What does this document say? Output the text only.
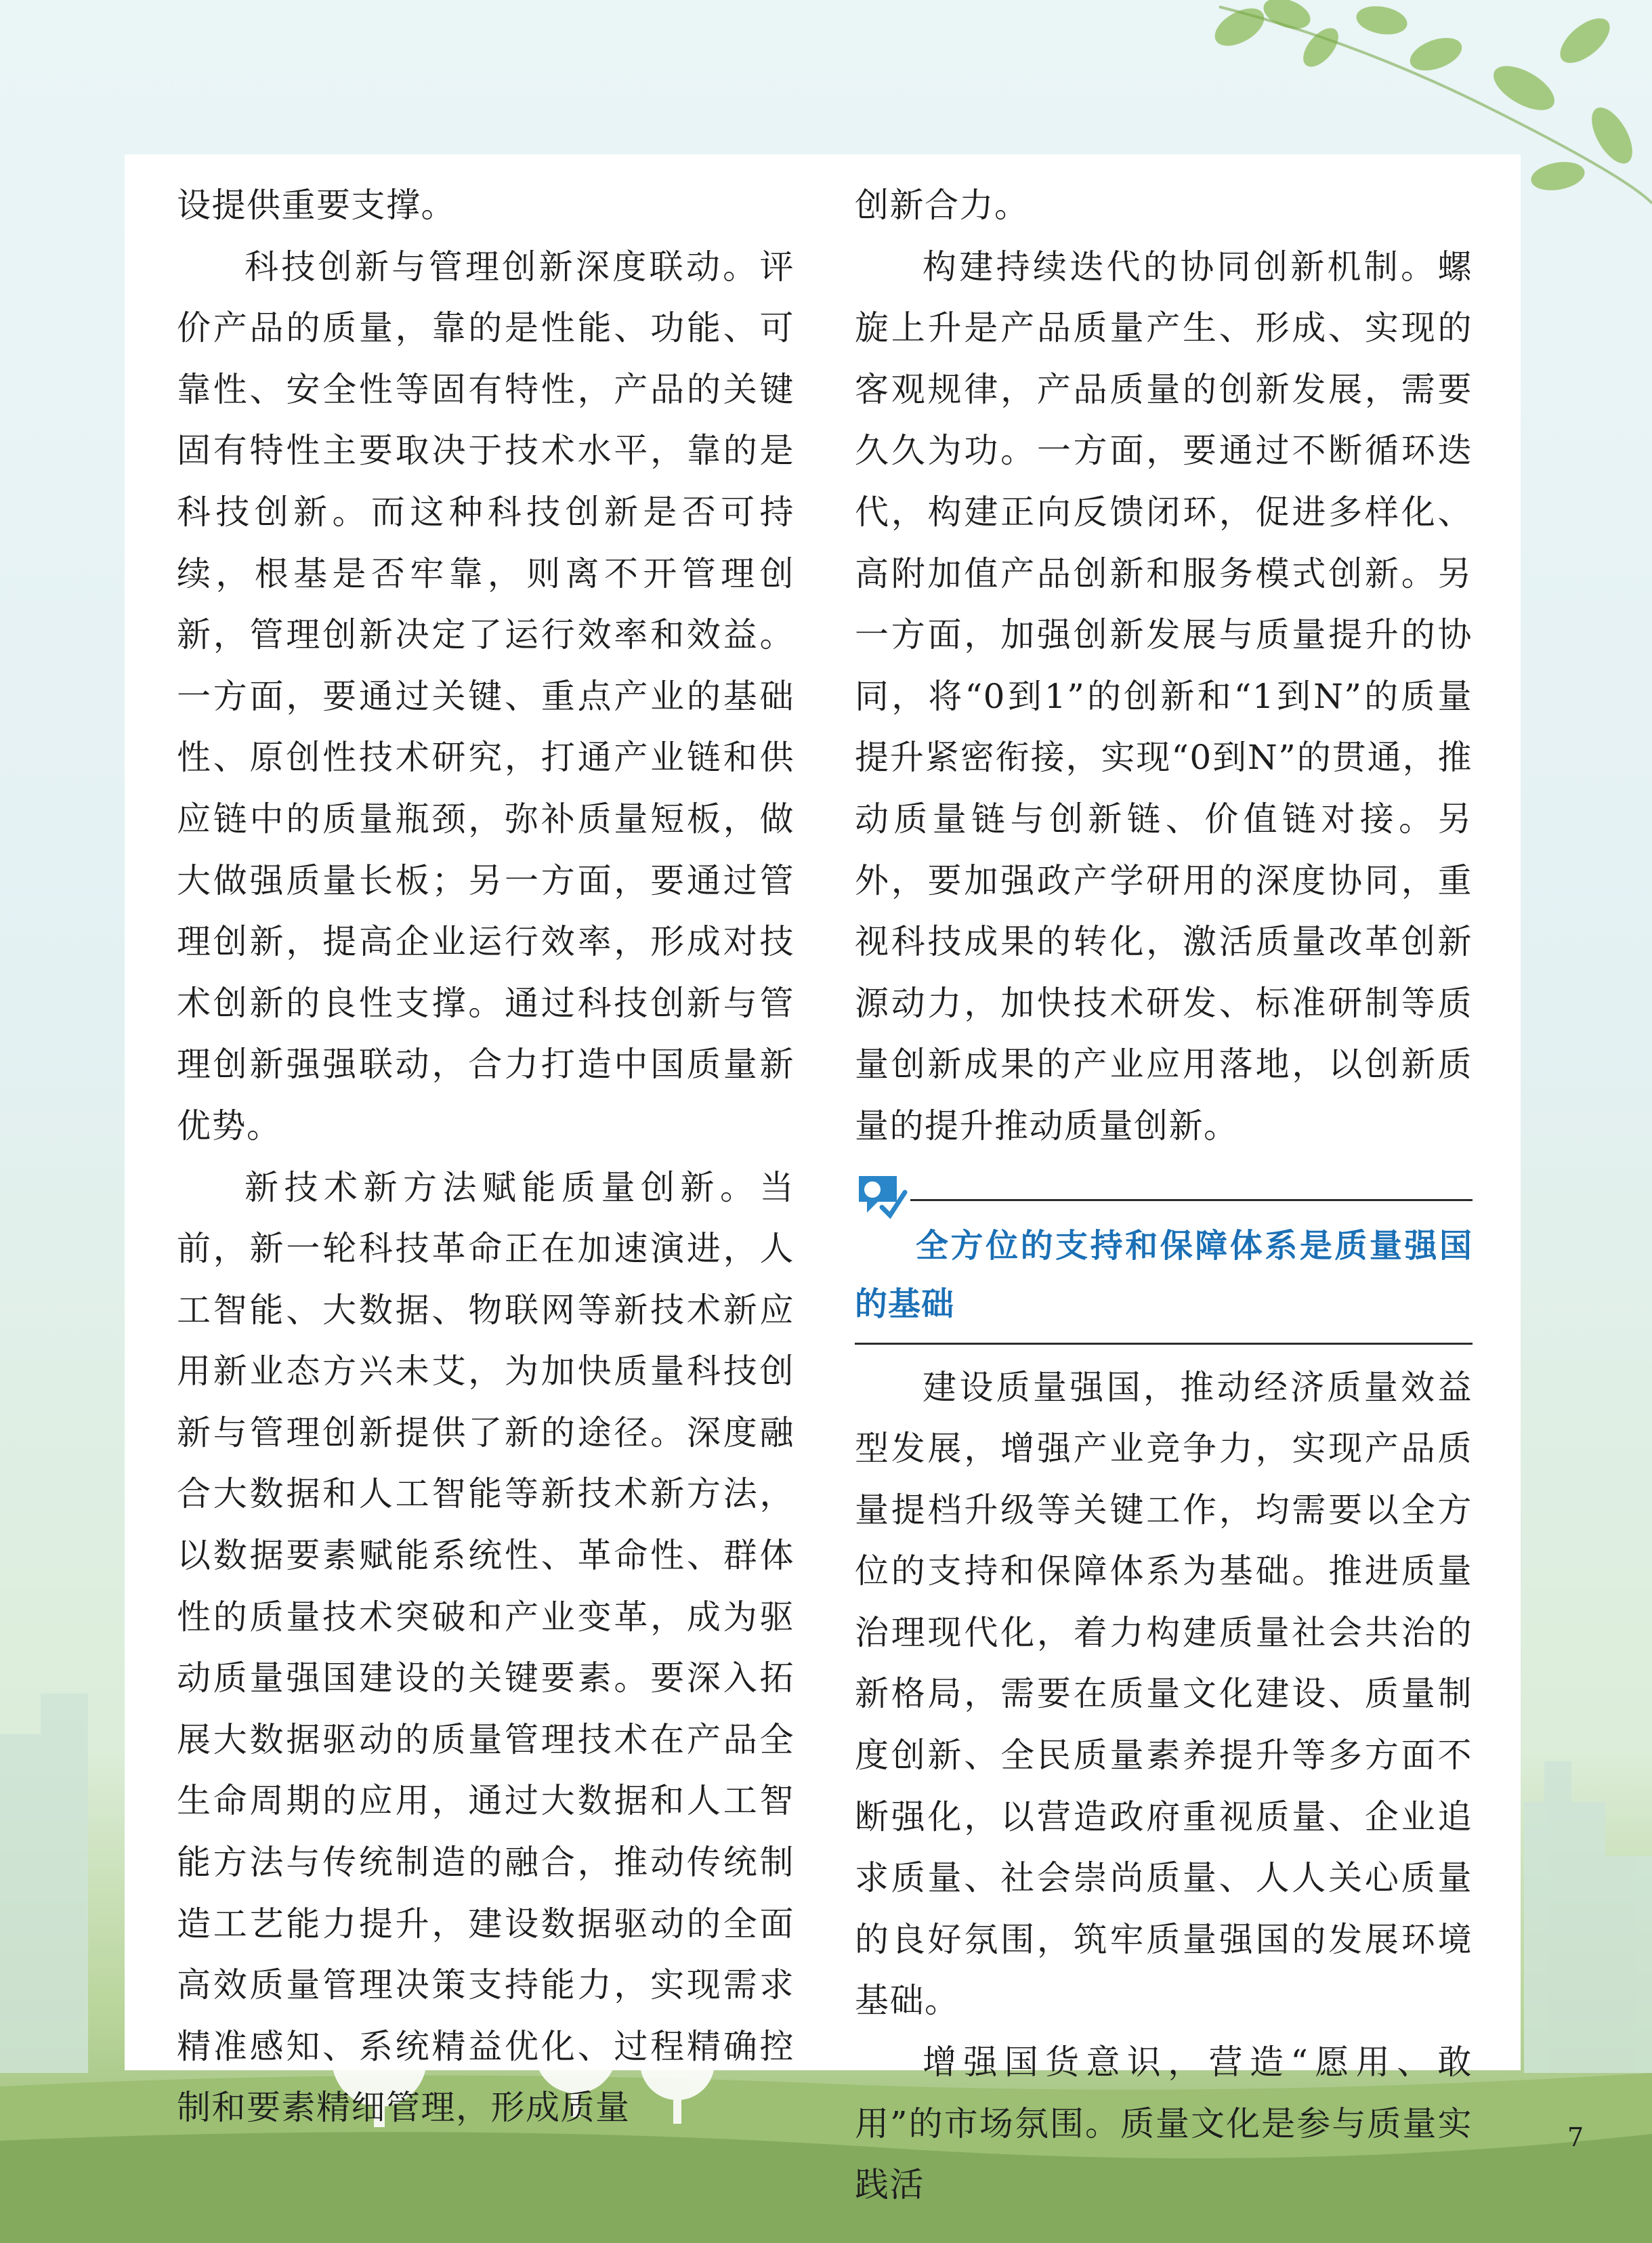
设提供重要支撑。

科技创新与管理创新深度联动。评价产品的质量，靠的是性能、功能、可靠性、安全性等固有特性，产品的关键固有特性主要取决于技术水平，靠的是科技创新。而这种科技创新是否可持续，根基是否牢靠，则离不开管理创新，管理创新决定了运行效率和效益。一方面，要通过关键、重点产业的基础性、原创性技术研究，打通产业链和供应链中的质量瓶颈，弥补质量短板，做大做强质量长板；另一方面，要通过管理创新，提高企业运行效率，形成对技术创新的良性支撑。通过科技创新与管理创新强强联动，合力打造中国质量新优势。

新技术新方法赋能质量创新。当前，新一轮科技革命正在加速演进，人工智能、大数据、物联网等新技术新应用新业态方兴未艾，为加快质量科技创新与管理创新提供了新的途径。深度融合大数据和人工智能等新技术新方法，以数据要素赋能系统性、革命性、群体性的质量技术突破和产业变革，成为驱动质量强国建设的关键要素。要深入拓展大数据驱动的质量管理技术在产品全生命周期的应用，通过大数据和人工智能方法与传统制造的融合，推动传统制造工艺能力提升，建设数据驱动的全面高效质量管理决策支持能力，实现需求精准感知、系统精益优化、过程精确控制和要素精细管理，形成质量

创新合力。

构建持续迭代的协同创新机制。螺旋上升是产品质量产生、形成、实现的客观规律，产品质量的创新发展，需要久久为功。一方面，要通过不断循环迭代，构建正向反馈闭环，促进多样化、高附加值产品创新和服务模式创新。另一方面，加强创新发展与质量提升的协同，将“0到1”的创新和“1到N”的质量提升紧密衔接，实现“0到N”的贯通，推动质量链与创新链、价值链对接。另外，要加强政产学研用的深度协同，重视科技成果的转化，激活质量改革创新源动力，加快技术研发、标准研制等质量创新成果的产业应用落地，以创新质量的提升推动质量创新。

全方位的支持和保障体系是质量强国的基础

建设质量强国，推动经济质量效益型发展，增强产业竞争力，实现产品质量提档升级等关键工作，均需要以全方位的支持和保障体系为基础。推进质量治理现代化，着力构建质量社会共治的新格局，需要在质量文化建设、质量制度创新、全民质量素养提升等多方面不断强化，以营造政府重视质量、企业追求质量、社会崇尚质量、人人关心质量的良好氛围，筑牢质量强国的发展环境基础。

增强国货意识，营造“愿用、敢用”的市场氛围。质量文化是参与质量实践活

7
